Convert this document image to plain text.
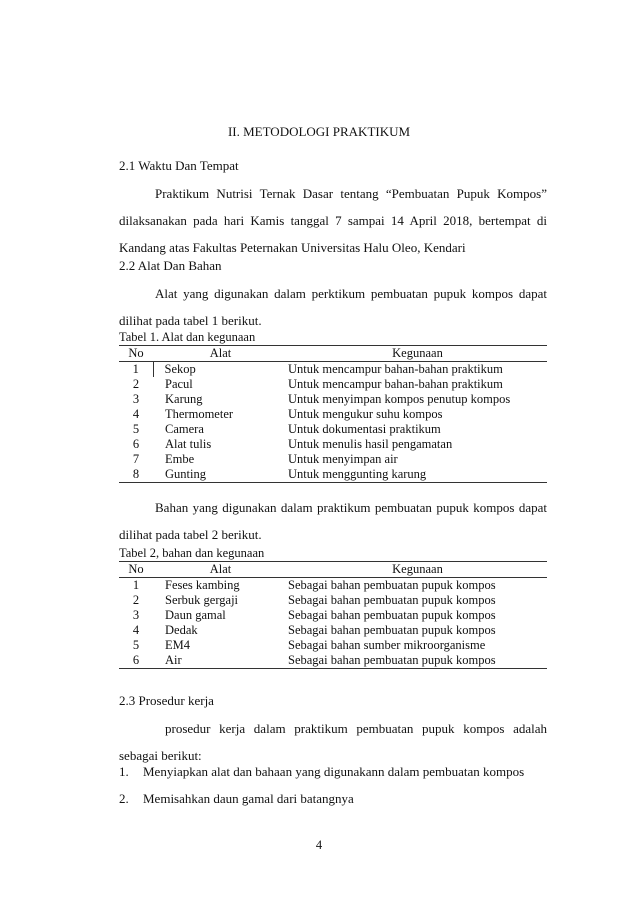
II. METODOLOGI PRAKTIKUM
2.1 Waktu Dan Tempat
Praktikum Nutrisi Ternak Dasar tentang “Pembuatan Pupuk Kompos”
dilaksanakan pada hari Kamis tanggal 7 sampai 14 April 2018, bertempat di
Kandang atas Fakultas Peternakan Universitas Halu Oleo, Kendari
2.2 Alat Dan Bahan
Alat yang digunakan dalam perktikum pembuatan pupuk kompos dapat
dilihat pada tabel 1 berikut.
Tabel 1. Alat dan kegunaan
No	Alat	Kegunaan
1	Sekop	Untuk mencampur bahan-bahan praktikum
2	Pacul	Untuk mencampur bahan-bahan praktikum
3	Karung	Untuk menyimpan kompos penutup kompos
4	Thermometer	Untuk mengukur suhu kompos
5	Camera	Untuk dokumentasi praktikum
6	Alat tulis	Untuk menulis hasil pengamatan
7	Embe	Untuk menyimpan air
8	Gunting	Untuk menggunting karung
Bahan yang digunakan dalam praktikum pembuatan pupuk kompos dapat
dilihat pada tabel 2 berikut.
Tabel 2, bahan dan kegunaan
No	Alat	Kegunaan
1	Feses kambing	Sebagai bahan pembuatan pupuk kompos
2	Serbuk gergaji	Sebagai bahan pembuatan pupuk kompos
3	Daun gamal	Sebagai bahan pembuatan pupuk kompos
4	Dedak	Sebagai bahan pembuatan pupuk kompos
5	EM4	Sebagai bahan sumber mikroorganisme
6	Air	Sebagai bahan pembuatan pupuk kompos
2.3 Prosedur kerja
prosedur kerja dalam praktikum pembuatan pupuk kompos adalah
sebagai berikut:
1. Menyiapkan alat dan bahaan yang digunakann dalam pembuatan kompos
2. Memisahkan daun gamal dari batangnya
4
